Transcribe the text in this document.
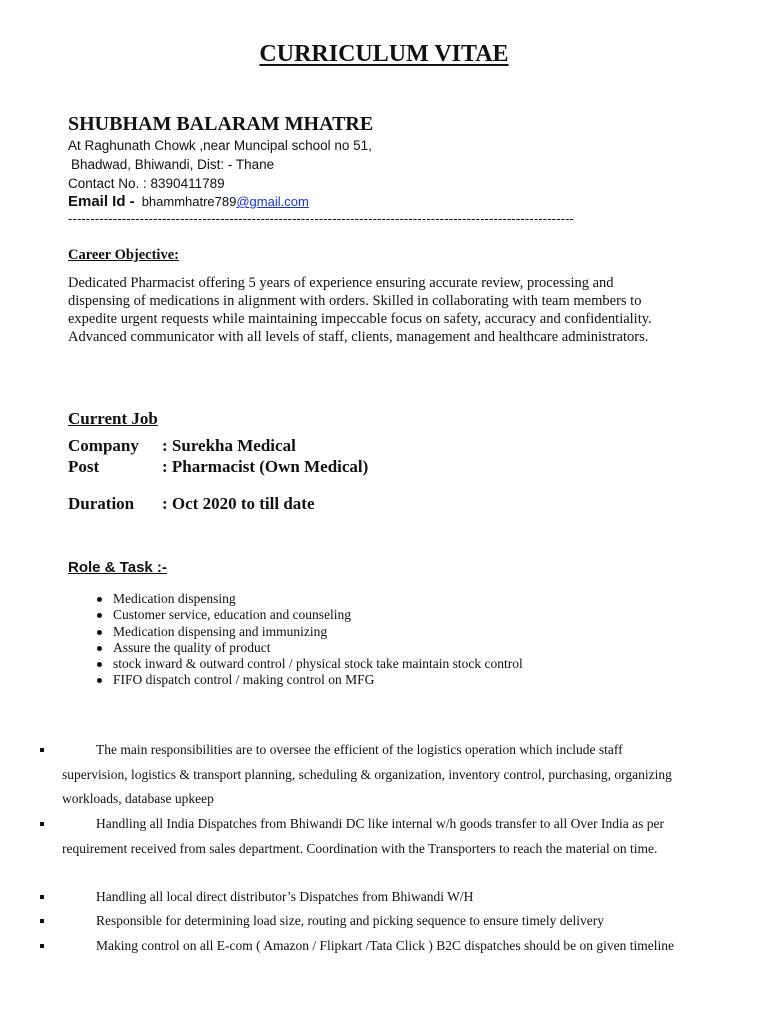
CURRICULUM VITAE
SHUBHAM BALARAM MHATRE
At Raghunath Chowk ,near Muncipal school no 51,
Bhadwad, Bhiwandi, Dist: - Thane
Contact No. : 8390411789
Email Id - bhammhatre789@gmail.com
-----------------------------------------------------------------------------------------------------------------
Career Objective:
Dedicated Pharmacist offering 5 years of experience ensuring accurate review, processing and dispensing of medications in alignment with orders. Skilled in collaborating with team members to expedite urgent requests while maintaining impeccable focus on safety, accuracy and confidentiality. Advanced communicator with all levels of staff, clients, management and healthcare administrators.
Current Job
Company : Surekha Medical
Post	: Pharmacist (Own Medical)
Duration : Oct 2020 to till date
Role & Task :-
Medication dispensing
Customer service, education and counseling
Medication dispensing and immunizing
Assure the quality of product
stock inward & outward control / physical stock take maintain stock control
FIFO dispatch control / making control on MFG
The main responsibilities are to oversee the efficient of the logistics operation which include staff supervision, logistics & transport planning, scheduling & organization, inventory control, purchasing, organizing workloads, database upkeep
Handling all India Dispatches from Bhiwandi DC like internal w/h goods transfer to all Over India as per requirement received from sales department. Coordination with the Transporters to reach the material on time.
Handling all local direct distributor’s Dispatches from Bhiwandi W/H
Responsible for determining load size, routing and picking sequence to ensure timely delivery
Making control on all E-com ( Amazon / Flipkart /Tata Click ) B2C dispatches should be on given timeline
